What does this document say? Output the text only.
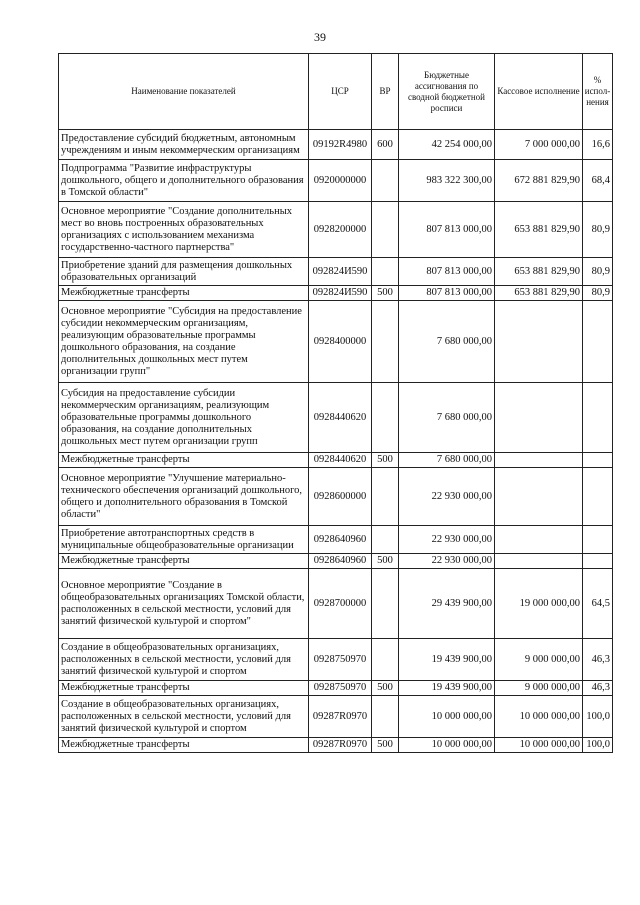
39
Наименование показателей	ЦСР	ВР	Бюджетные ассигнования по сводной бюджетной росписи	Кассовое исполнение	% испол-нения
Предоставление субсидий бюджетным, автономным учреждениям и иным некоммерческим организациям	09192R4980	600	42 254 000,00	7 000 000,00	16,6
Подпрограмма "Развитие инфраструктуры дошкольного, общего и дополнительного образования в Томской области"	0920000000		983 322 300,00	672 881 829,90	68,4
Основное мероприятие "Создание дополнительных мест во вновь построенных образовательных организациях с использованием механизма государственно-частного партнерства"	0928200000		807 813 000,00	653 881 829,90	80,9
Приобретение зданий для размещения дошкольных образовательных организаций	092824И590		807 813 000,00	653 881 829,90	80,9
Межбюджетные трансферты	092824И590	500	807 813 000,00	653 881 829,90	80,9
Основное мероприятие "Субсидия на предоставление субсидии некоммерческим организациям, реализующим образовательные программы дошкольного образования, на создание дополнительных дошкольных мест путем организации групп"	0928400000		7 680 000,00		
Субсидия на предоставление субсидии некоммерческим организациям, реализующим образовательные программы дошкольного образования, на создание дополнительных дошкольных мест путем организации групп	0928440620		7 680 000,00		
Межбюджетные трансферты	0928440620	500	7 680 000,00		
Основное мероприятие "Улучшение материально-технического обеспечения организаций дошкольного, общего и дополнительного образования в Томской области"	0928600000		22 930 000,00		
Приобретение автотранспортных средств в муниципальные общеобразовательные организации	0928640960		22 930 000,00		
Межбюджетные трансферты	0928640960	500	22 930 000,00		
Основное мероприятие "Создание в общеобразовательных организациях Томской области, расположенных в сельской местности, условий для занятий физической культурой и спортом"	0928700000		29 439 900,00	19 000 000,00	64,5
Создание в общеобразовательных организациях, расположенных в сельской местности, условий для занятий физической культурой и спортом	0928750970		19 439 900,00	9 000 000,00	46,3
Межбюджетные трансферты	0928750970	500	19 439 900,00	9 000 000,00	46,3
Создание в общеобразовательных организациях, расположенных в сельской местности, условий для занятий физической культурой и спортом	09287R0970		10 000 000,00	10 000 000,00	100,0
Межбюджетные трансферты	09287R0970	500	10 000 000,00	10 000 000,00	100,0
